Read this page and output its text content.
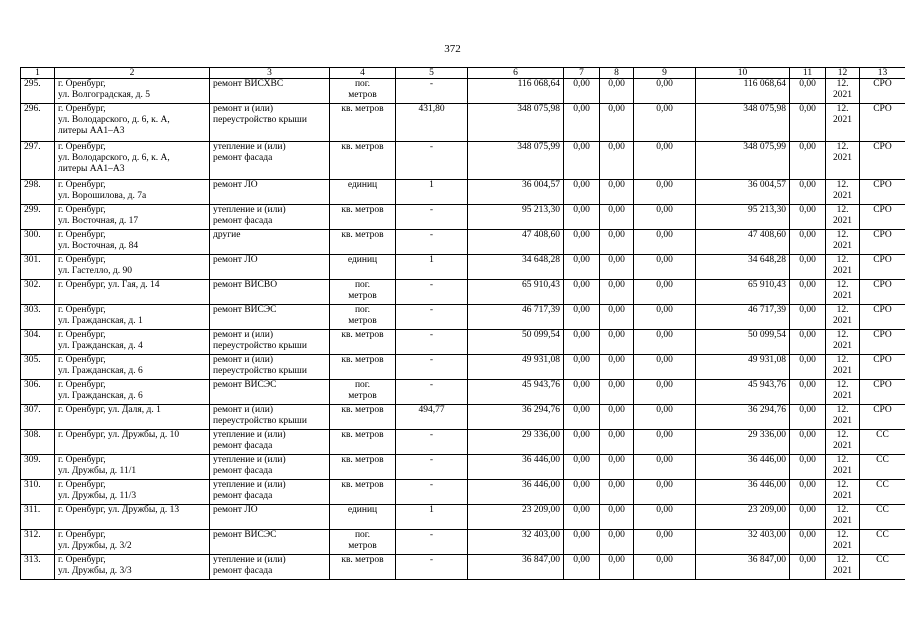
372
1	2	3	4	5	6	7	8	9	10	11	12	13
295.	г. Оренбург,
ул. Волгоградская, д. 5	ремонт ВИСХВС	пог.
метров	-	116 068,64	0,00	0,00	0,00	116 068,64	0,00	12.
2021	СРО
296.	г. Оренбург,
ул. Володарского, д. 6, к. А,
литеры АА1–А3	ремонт и (или)
переустройство крыши	кв. метров	431,80	348 075,98	0,00	0,00	0,00	348 075,98	0,00	12.
2021	СРО
297.	г. Оренбург,
ул. Володарского, д. 6, к. А,
литеры АА1–А3	утепление и (или)
ремонт фасада	кв. метров	-	348 075,99	0,00	0,00	0,00	348 075,99	0,00	12.
2021	СРО
298.	г. Оренбург,
ул. Ворошилова, д. 7а	ремонт ЛО	единиц	1	36 004,57	0,00	0,00	0,00	36 004,57	0,00	12.
2021	СРО
299.	г. Оренбург,
ул. Восточная, д. 17	утепление и (или)
ремонт фасада	кв. метров	-	95 213,30	0,00	0,00	0,00	95 213,30	0,00	12.
2021	СРО
300.	г. Оренбург,
ул. Восточная, д. 84	другие	кв. метров	-	47 408,60	0,00	0,00	0,00	47 408,60	0,00	12.
2021	СРО
301.	г. Оренбург,
ул. Гастелло, д. 90	ремонт ЛО	единиц	1	34 648,28	0,00	0,00	0,00	34 648,28	0,00	12.
2021	СРО
302.	г. Оренбург, ул. Гая, д. 14	ремонт ВИСВО	пог.
метров	-	65 910,43	0,00	0,00	0,00	65 910,43	0,00	12.
2021	СРО
303.	г. Оренбург,
ул. Гражданская, д. 1	ремонт ВИСЭС	пог.
метров	-	46 717,39	0,00	0,00	0,00	46 717,39	0,00	12.
2021	СРО
304.	г. Оренбург,
ул. Гражданская, д. 4	ремонт и (или)
переустройство крыши	кв. метров	-	50 099,54	0,00	0,00	0,00	50 099,54	0,00	12.
2021	СРО
305.	г. Оренбург,
ул. Гражданская, д. 6	ремонт и (или)
переустройство крыши	кв. метров	-	49 931,08	0,00	0,00	0,00	49 931,08	0,00	12.
2021	СРО
306.	г. Оренбург,
ул. Гражданская, д. 6	ремонт ВИСЭС	пог.
метров	-	45 943,76	0,00	0,00	0,00	45 943,76	0,00	12.
2021	СРО
307.	г. Оренбург, ул. Даля, д. 1	ремонт и (или)
переустройство крыши	кв. метров	494,77	36 294,76	0,00	0,00	0,00	36 294,76	0,00	12.
2021	СРО
308.	г. Оренбург, ул. Дружбы, д. 10	утепление и (или)
ремонт фасада	кв. метров	-	29 336,00	0,00	0,00	0,00	29 336,00	0,00	12.
2021	СС
309.	г. Оренбург,
ул. Дружбы, д. 11/1	утепление и (или)
ремонт фасада	кв. метров	-	36 446,00	0,00	0,00	0,00	36 446,00	0,00	12.
2021	СС
310.	г. Оренбург,
ул. Дружбы, д. 11/3	утепление и (или)
ремонт фасада	кв. метров	-	36 446,00	0,00	0,00	0,00	36 446,00	0,00	12.
2021	СС
311.	г. Оренбург, ул. Дружбы, д. 13	ремонт ЛО	единиц	1	23 209,00	0,00	0,00	0,00	23 209,00	0,00	12.
2021	СС
312.	г. Оренбург,
ул. Дружбы, д. 3/2	ремонт ВИСЭС	пог.
метров	-	32 403,00	0,00	0,00	0,00	32 403,00	0,00	12.
2021	СС
313.	г. Оренбург,
ул. Дружбы, д. 3/3	утепление и (или)
ремонт фасада	кв. метров	-	36 847,00	0,00	0,00	0,00	36 847,00	0,00	12.
2021	СС
